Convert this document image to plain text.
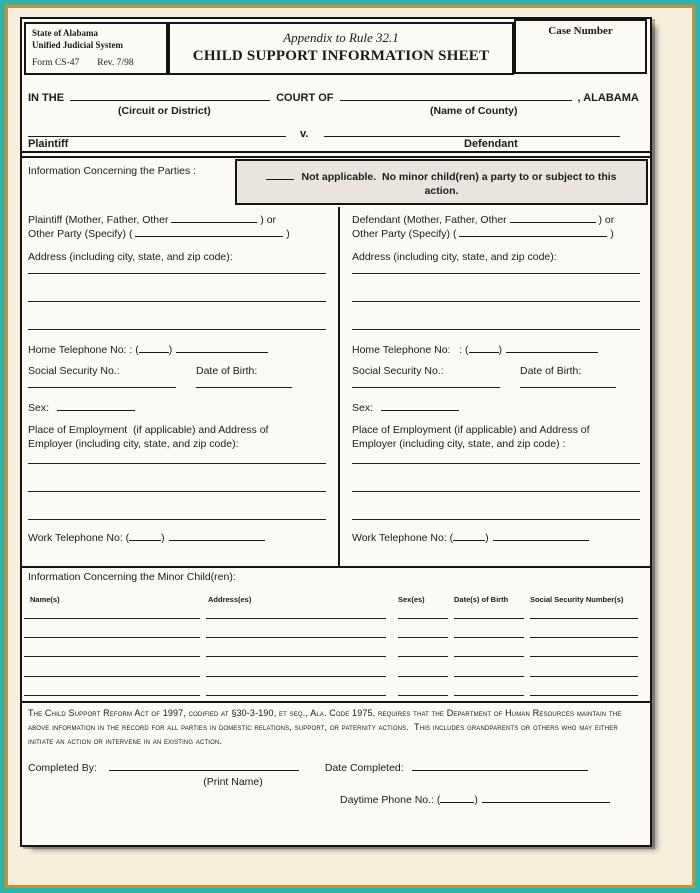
State of Alabama
Unified Judicial System
Form CS-47 Rev. 7/98
Appendix to Rule 32.1
CHILD SUPPORT INFORMATION SHEET
Case Number
IN THE	COURT OF	, ALABAMA
(Circuit or District)	(Name of County)
v.
Plaintiff	Defendant
Information Concerning the Parties :	Not applicable.  No minor child(ren) a party to or subject to this
action.
Plaintiff (Mother, Father, Other	) or
Other Party (Specify) (	)
Address (including city, state, and zip code):
Home Telephone No: : (	)
Social Security No.:	Date of Birth:
Sex:
Place of Employment  (if applicable) and Address of
Employer (including city, state, and zip code):
Work Telephone No: (	)
Defendant (Mother, Father, Other	) or
Other Party (Specify) (	)
Address (including city, state, and zip code):
Home Telephone No:   : (	)
Social Security No.:	Date of Birth:
Sex:
Place of Employment (if applicable) and Address of
Employer (including city, state, and zip code) :
Work Telephone No: (	)
Information Concerning the Minor Child(ren):
Name(s)	Address(es)	Sex(es)	Date(s) of Birth	Social Security Number(s)
The Child Support Reform Act of 1997, codified at §30-3-190, et seq., Ala. Code 1975, requires that the Department of Human Resources maintain the above information in the record for all parties in domestic relations, support, or paternity actions.  This includes grandparents or others who may either initiate an action or intervene in an existing action.
Completed By:	Date Completed:
(Print Name)
Daytime Phone No.: (	)
